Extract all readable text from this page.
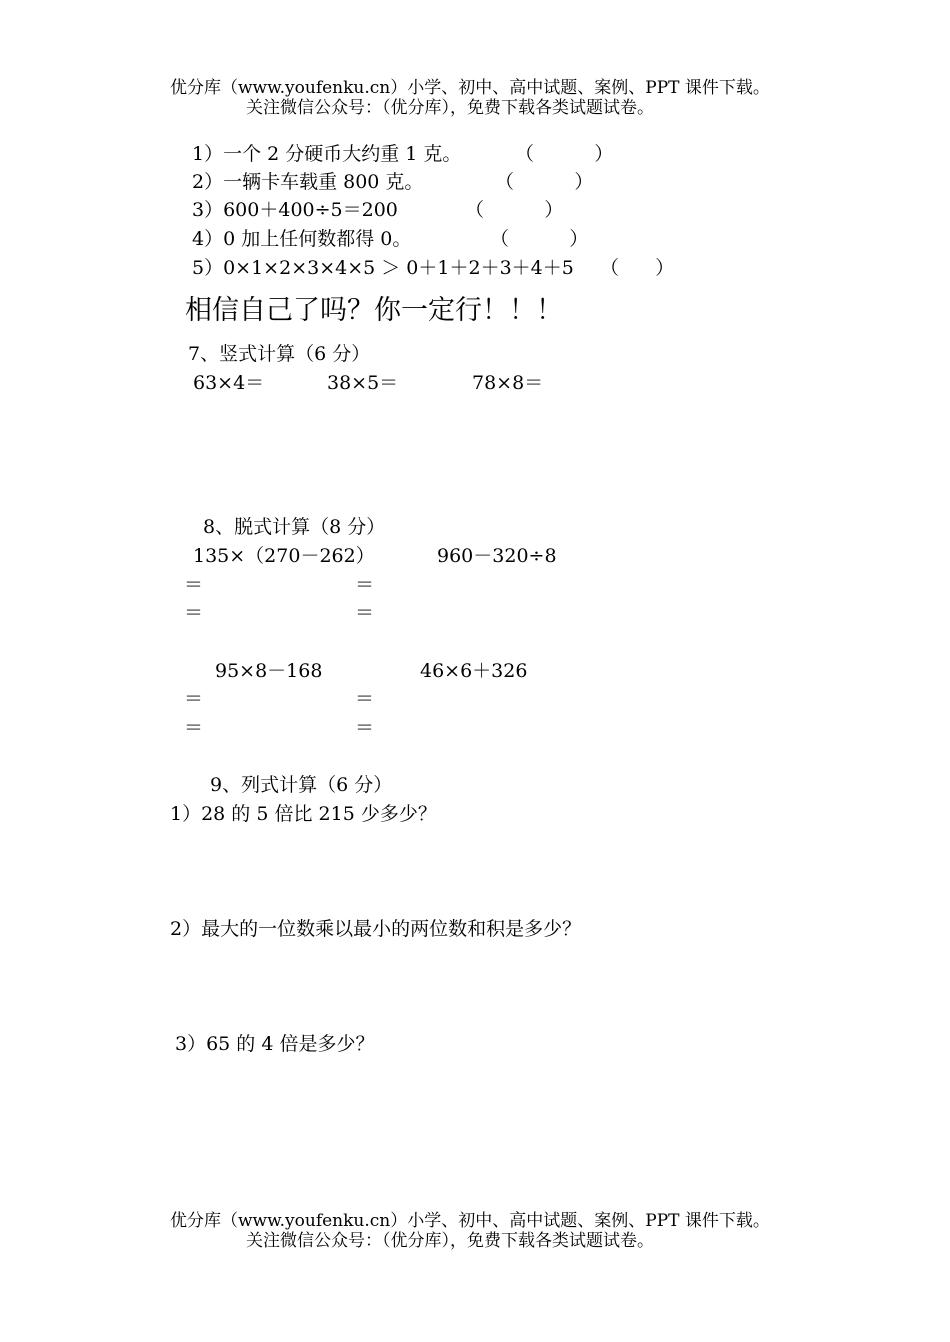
优分库（www.youfenku.cn）小学、初中、高中试题、案例、PPT 课件下载。
关注微信公众号：（优分库），免费下载各类试题试卷。
1）一个 2 分硬币大约重 1 克。	（          ）
2）一辆卡车载重 800 克。	（          ）
3）600＋400÷5＝200	（          ）
4）0 加上任何数都得 0。	（          ）
5）0×1×2×3×4×5 ＞ 0＋1＋2＋3＋4＋5 （      ）
相信自己了吗？你一定行！！！
7、竖式计算（6 分）
63×4＝	38×5＝	78×8＝
8、脱式计算（8 分）
135×（270－262）	960－320÷8
＝	＝
＝	＝
95×8－168	46×6＋326
＝	＝
＝	＝
9、列式计算（6 分）
1）28 的 5 倍比 215 少多少？
2）最大的一位数乘以最小的两位数和积是多少？
3）65 的 4 倍是多少？
优分库（www.youfenku.cn）小学、初中、高中试题、案例、PPT 课件下载。
关注微信公众号：（优分库），免费下载各类试题试卷。
